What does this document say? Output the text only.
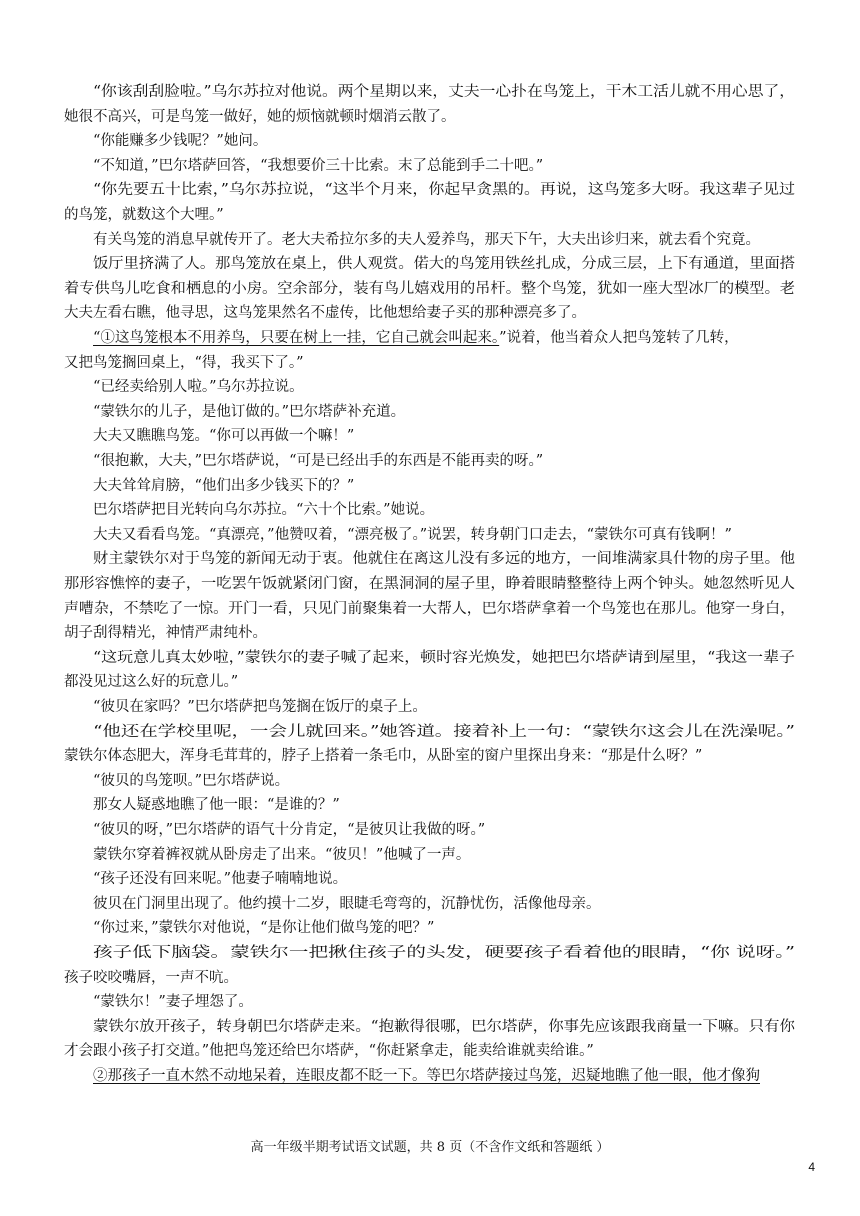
“你该刮刮脸啦。”乌尔苏拉对他说。两个星期以来，丈夫一心扑在鸟笼上，干木工活儿就不用心思了，
她很不高兴，可是鸟笼一做好，她的烦恼就顿时烟消云散了。
“你能赚多少钱呢？”她问。
“不知道，”巴尔塔萨回答，“我想要价三十比索。末了总能到手二十吧。”
“你先要五十比索，”乌尔苏拉说，“这半个月来，你起早贪黑的。再说，这鸟笼多大呀。我这辈子见过
的鸟笼，就数这个大哩。”
有关鸟笼的消息早就传开了。老大夫希拉尔多的夫人爱养鸟，那天下午，大夫出诊归来，就去看个究竟。
饭厅里挤满了人。那鸟笼放在桌上，供人观赏。偌大的鸟笼用铁丝扎成，分成三层，上下有通道，里面搭
着专供鸟儿吃食和栖息的小房。空余部分，装有鸟儿嬉戏用的吊杆。整个鸟笼，犹如一座大型冰厂的模型。老
大夫左看右瞧，他寻思，这鸟笼果然名不虚传，比他想给妻子买的那种漂亮多了。
“①这鸟笼根本不用养鸟，只要在树上一挂，它自己就会叫起来。”说着，他当着众人把鸟笼转了几转，
又把鸟笼搁回桌上，“得，我买下了。”
“已经卖给别人啦。”乌尔苏拉说。
“蒙铁尔的儿子，是他订做的。”巴尔塔萨补充道。
大夫又瞧瞧鸟笼。“你可以再做一个嘛！”
“很抱歉，大夫，”巴尔塔萨说，“可是已经出手的东西是不能再卖的呀。”
大夫耸耸肩膀，“他们出多少钱买下的？”
巴尔塔萨把目光转向乌尔苏拉。“六十个比索。”她说。
大夫又看看鸟笼。“真漂亮，”他赞叹着，“漂亮极了。”说罢，转身朝门口走去，“蒙铁尔可真有钱啊！”
财主蒙铁尔对于鸟笼的新闻无动于衷。他就住在离这儿没有多远的地方，一间堆满家具什物的房子里。他
那形容憔悴的妻子，一吃罢午饭就紧闭门窗，在黑洞洞的屋子里，睁着眼睛整整待上两个钟头。她忽然听见人
声嘈杂，不禁吃了一惊。开门一看，只见门前聚集着一大帮人，巴尔塔萨拿着一个鸟笼也在那儿。他穿一身白，
胡子刮得精光，神情严肃纯朴。
“这玩意儿真太妙啦，”蒙铁尔的妻子喊了起来，顿时容光焕发，她把巴尔塔萨请到屋里，“我这一辈子
都没见过这么好的玩意儿。”
“彼贝在家吗？”巴尔塔萨把鸟笼搁在饭厅的桌子上。
“他还在学校里呢，一会儿就回来。”她答道。接着补上一句：“蒙铁尔这会儿在洗澡呢。”
蒙铁尔体态肥大，浑身毛茸茸的，脖子上搭着一条毛巾，从卧室的窗户里探出身来：“那是什么呀？”
“彼贝的鸟笼呗。”巴尔塔萨说。
那女人疑惑地瞧了他一眼：“是谁的？”
“彼贝的呀，”巴尔塔萨的语气十分肯定，“是彼贝让我做的呀。”
蒙铁尔穿着裤衩就从卧房走了出来。“彼贝！”他喊了一声。
“孩子还没有回来呢。”他妻子喃喃地说。
彼贝在门洞里出现了。他约摸十二岁，眼睫毛弯弯的，沉静忧伤，活像他母亲。
“你过来，”蒙铁尔对他说，“是你让他们做鸟笼的吧？”
孩子低下脑袋。蒙铁尔一把揪住孩子的头发，硬要孩子看着他的眼睛，“你 说呀。”
孩子咬咬嘴唇，一声不吭。
“蒙铁尔！”妻子埋怨了。
蒙铁尔放开孩子，转身朝巴尔塔萨走来。“抱歉得很哪，巴尔塔萨，你事先应该跟我商量一下嘛。只有你
才会跟小孩子打交道。”他把鸟笼还给巴尔塔萨，“你赶紧拿走，能卖给谁就卖给谁。”
②那孩子一直木然不动地呆着，连眼皮都不眨一下。等巴尔塔萨接过鸟笼，迟疑地瞧了他一眼，他才像狗
高一年级半期考试语文试题，共 8 页（不含作文纸和答题纸 ）
4
